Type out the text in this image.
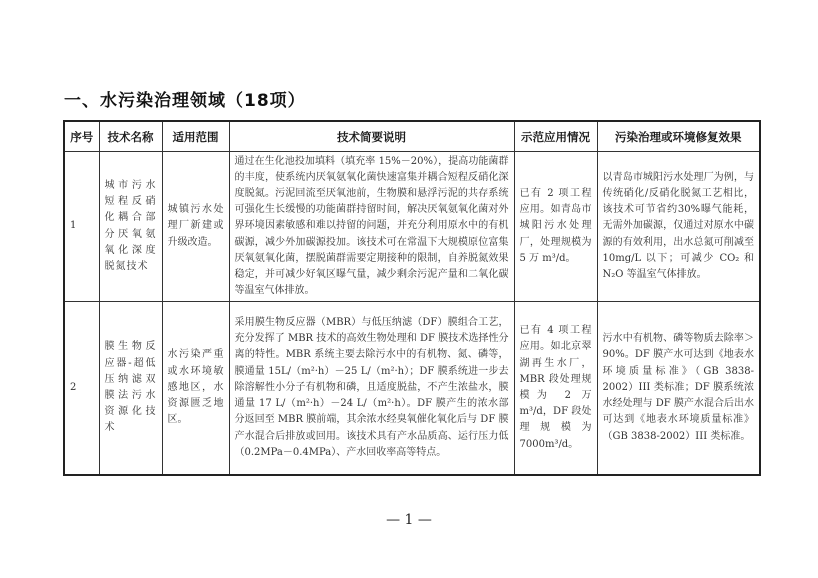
一、水污染治理领域（18项）
序号	技术名称	适用范围	技术简要说明	示范应用情况	污染治理或环境修复效果
1	城市污水短程反硝化耦合部分厌氧氨氧化深度脱氮技术	城镇污水处理厂新建或升级改造。	通过在生化池投加填料（填充率 15%－20%），提高功能菌群的丰度，使系统内厌氧氨氧化菌快速富集并耦合短程反硝化深度脱氮。污泥回流至厌氧池前，生物膜和悬浮污泥的共存系统可强化生长缓慢的功能菌群持留时间，解决厌氧氨氧化菌对外界环境因素敏感和难以持留的问题，并充分利用原水中的有机碳源，减少外加碳源投加。该技术可在常温下大规模原位富集厌氧氨氧化菌，摆脱菌群需要定期接种的限制，自养脱氮效果稳定，并可减少好氧区曝气量，减少剩余污泥产量和二氧化碳等温室气体排放。	已有 2 项工程应用。如青岛市城阳污水处理厂，处理规模为 5 万 m³/d。	以青岛市城阳污水处理厂为例，与传统硝化/反硝化脱氮工艺相比，该技术可节省约30%曝气能耗，无需外加碳源，仅通过对原水中碳源的有效利用，出水总氮可削减至 10mg/L 以下；可减少 CO₂ 和 N₂O 等温室气体排放。
2	膜生物反应器-超低压纳滤双膜法污水资源化技术	水污染严重或水环境敏感地区，水资源匮乏地区。	采用膜生物反应器（MBR）与低压纳滤（DF）膜组合工艺，充分发挥了 MBR 技术的高效生物处理和 DF 膜技术选择性分离的特性。MBR 系统主要去除污水中的有机物、氮、磷等，膜通量 15L/（m²·h）－25 L/（m²·h）；DF 膜系统进一步去除溶解性小分子有机物和磷，且适度脱盐，不产生浓盐水，膜通量 17 L/（m²·h）－24 L/（m²·h）。DF 膜产生的浓水部分返回至 MBR 膜前端，其余浓水经臭氧催化氧化后与 DF 膜产水混合后排放或回用。该技术具有产水品质高、运行压力低（0.2MPa－0.4MPa）、产水回收率高等特点。	已有 4 项工程应用。如北京翠湖再生水厂，MBR 段处理规模为 2 万 m³/d，DF 段处理规模为 7000m³/d。	污水中有机物、磷等物质去除率＞90%。DF 膜产水可达到《地表水环境质量标准》（GB 3838-2002）III 类标准；DF 膜系统浓水经处理与 DF 膜产水混合后出水可达到《地表水环境质量标准》（GB 3838-2002）III 类标准。
— 1 —
